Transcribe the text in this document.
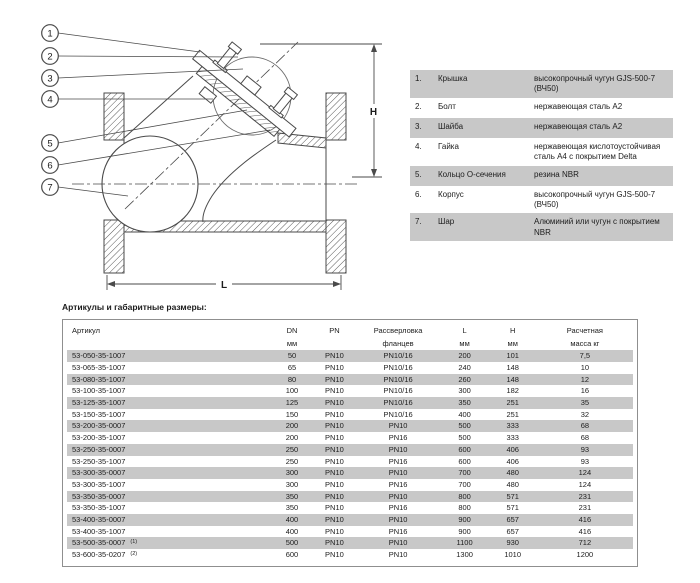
1
2
3
4
5
6
7
H
L
1.	Крышка	высокопрочный чугун GJS-500-7 (ВЧ50)
2.	Болт	нержавеющая сталь А2
3.	Шайба	нержавеющая сталь А2
4.	Гайка	нержавеющая кислотоустойчивая сталь А4 с покрытием Delta
5.	Кольцо О-сечения	резина NBR
6.	Корпус	высокопрочный чугун GJS-500-7 (ВЧ50)
7.	Шар	Алюминий или чугун с покрытием NBR
Артикулы и габаритные размеры:
Артикул	DN	PN	Рассверловка	L	H	Расчетная
	мм		фланцев	мм	мм	масса кг
53-050-35-1007	50	PN10	PN10/16	200	101	7,5
53-065-35-1007	65	PN10	PN10/16	240	148	10
53-080-35-1007	80	PN10	PN10/16	260	148	12
53-100-35-1007	100	PN10	PN10/16	300	182	16
53-125-35-1007	125	PN10	PN10/16	350	251	35
53-150-35-1007	150	PN10	PN10/16	400	251	32
53-200-35-0007	200	PN10	PN10	500	333	68
53-200-35-1007	200	PN10	PN16	500	333	68
53-250-35-0007	250	PN10	PN10	600	406	93
53-250-35-1007	250	PN10	PN16	600	406	93
53-300-35-0007	300	PN10	PN10	700	480	124
53-300-35-1007	300	PN10	PN16	700	480	124
53-350-35-0007	350	PN10	PN10	800	571	231
53-350-35-1007	350	PN10	PN16	800	571	231
53-400-35-0007	400	PN10	PN10	900	657	416
53-400-35-1007	400	PN10	PN16	900	657	416
53-500-35-0007 $^{(1)}$	500	PN10	PN10	1100	930	712
53-600-35-0207 $^{(2)}$	600	PN10	PN10	1300	1010	1200
